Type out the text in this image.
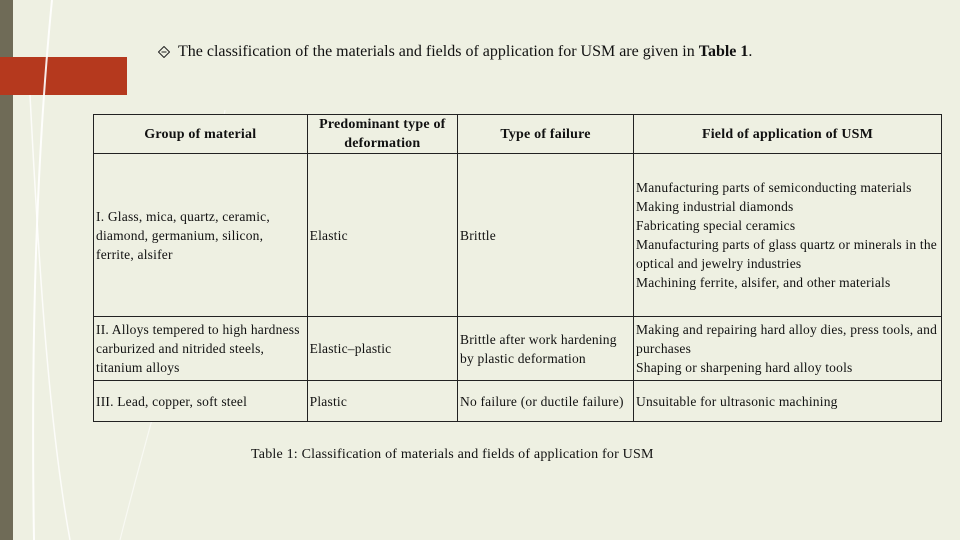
The classification of the materials and fields of application for USM are given in Table 1.
Group of material	Predominant type of deformation	Type of failure	Field of application of USM
I. Glass, mica, quartz, ceramic, diamond, germanium, silicon, ferrite, alsifer	Elastic	Brittle	Manufacturing parts of semiconducting materials
Making industrial diamonds
Fabricating special ceramics
Manufacturing parts of glass quartz or minerals in the optical and jewelry industries
Machining ferrite, alsifer, and other materials

II. Alloys tempered to high hardness carburized and nitrided steels, titanium alloys	Elastic–plastic	Brittle after work hardening by plastic deformation	Making and repairing hard alloy dies, press tools, and purchases
Shaping or sharpening hard alloy tools

III. Lead, copper, soft steel	Plastic	No failure (or ductile failure)	Unsuitable for ultrasonic machining
Table 1: Classification of materials and fields of application for USM
